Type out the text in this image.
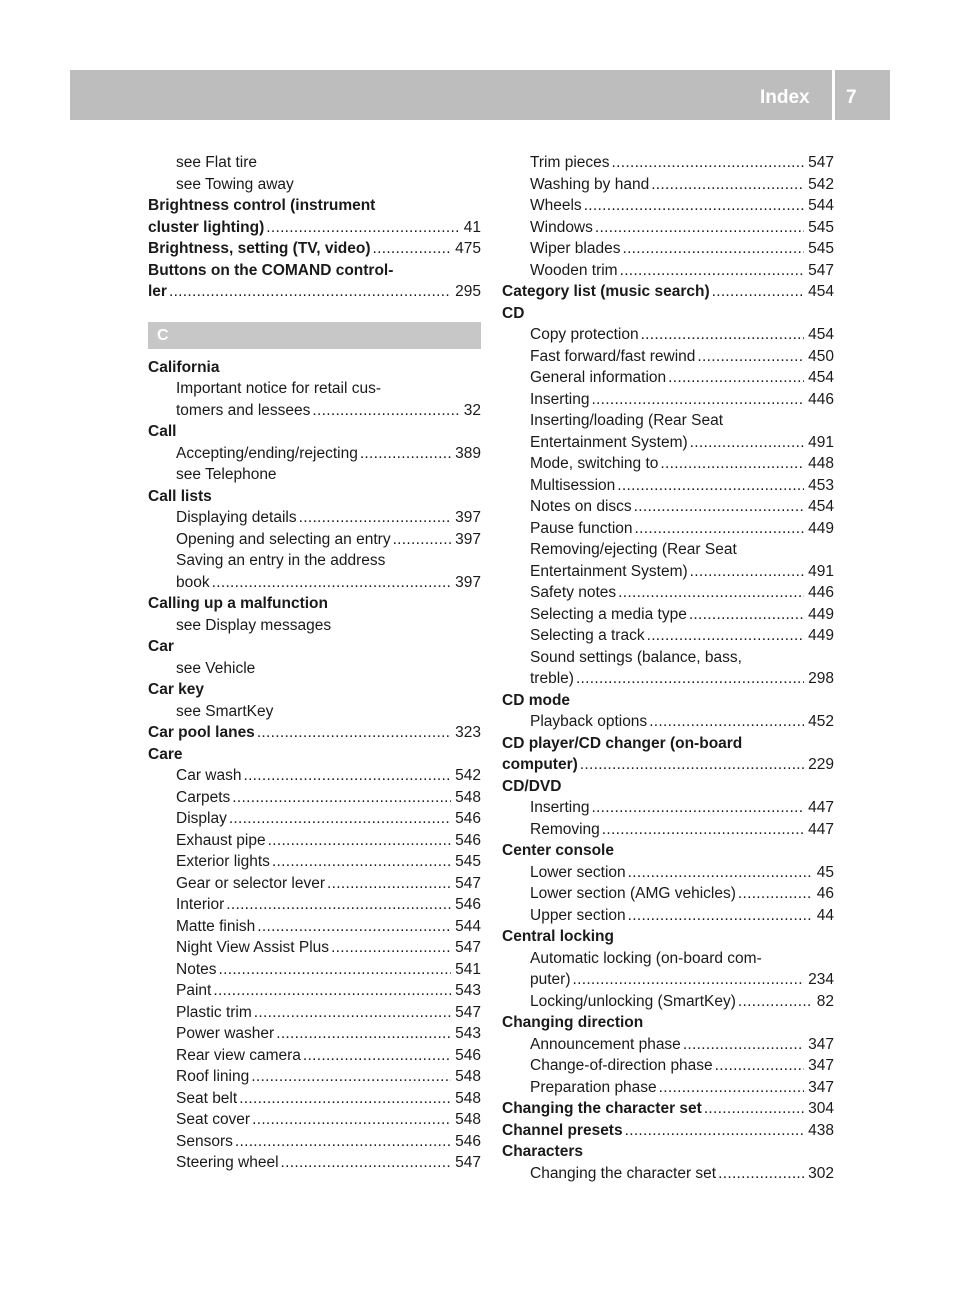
Index 7
see Flat tire
see Towing away
Brightness control (instrument
cluster lighting) .....	41
Brightness, setting (TV, video) .....	475
Buttons on the COMAND control-
ler .....	295
C
California
Important notice for retail cus-
tomers and lessees .....	32
Call
Accepting/ending/rejecting .....	389
see Telephone
Call lists
Displaying details .....	397
Opening and selecting an entry .....	397
Saving an entry in the address
book .....	397
Calling up a malfunction
see Display messages
Car
see Vehicle
Car key
see SmartKey
Car pool lanes .....	323
Care
Car wash .....	542
Carpets .....	548
Display .....	546
Exhaust pipe .....	546
Exterior lights .....	545
Gear or selector lever .....	547
Interior .....	546
Matte finish .....	544
Night View Assist Plus .....	547
Notes .....	541
Paint .....	543
Plastic trim .....	547
Power washer .....	543
Rear view camera .....	546
Roof lining .....	548
Seat belt .....	548
Seat cover .....	548
Sensors .....	546
Steering wheel .....	547
Trim pieces .....	547
Washing by hand .....	542
Wheels .....	544
Windows .....	545
Wiper blades .....	545
Wooden trim .....	547
Category list (music search) .....	454
CD
Copy protection .....	454
Fast forward/fast rewind .....	450
General information .....	454
Inserting .....	446
Inserting/loading (Rear Seat
Entertainment System) .....	491
Mode, switching to .....	448
Multisession .....	453
Notes on discs .....	454
Pause function .....	449
Removing/ejecting (Rear Seat
Entertainment System) .....	491
Safety notes .....	446
Selecting a media type .....	449
Selecting a track .....	449
Sound settings (balance, bass,
treble) .....	298
CD mode
Playback options .....	452
CD player/CD changer (on-board
computer) .....	229
CD/DVD
Inserting .....	447
Removing .....	447
Center console
Lower section .....	45
Lower section (AMG vehicles) .....	46
Upper section .....	44
Central locking
Automatic locking (on-board com-
puter) .....	234
Locking/unlocking (SmartKey) .....	82
Changing direction
Announcement phase .....	347
Change-of-direction phase .....	347
Preparation phase .....	347
Changing the character set .....	304
Channel presets .....	438
Characters
Changing the character set .....	302
